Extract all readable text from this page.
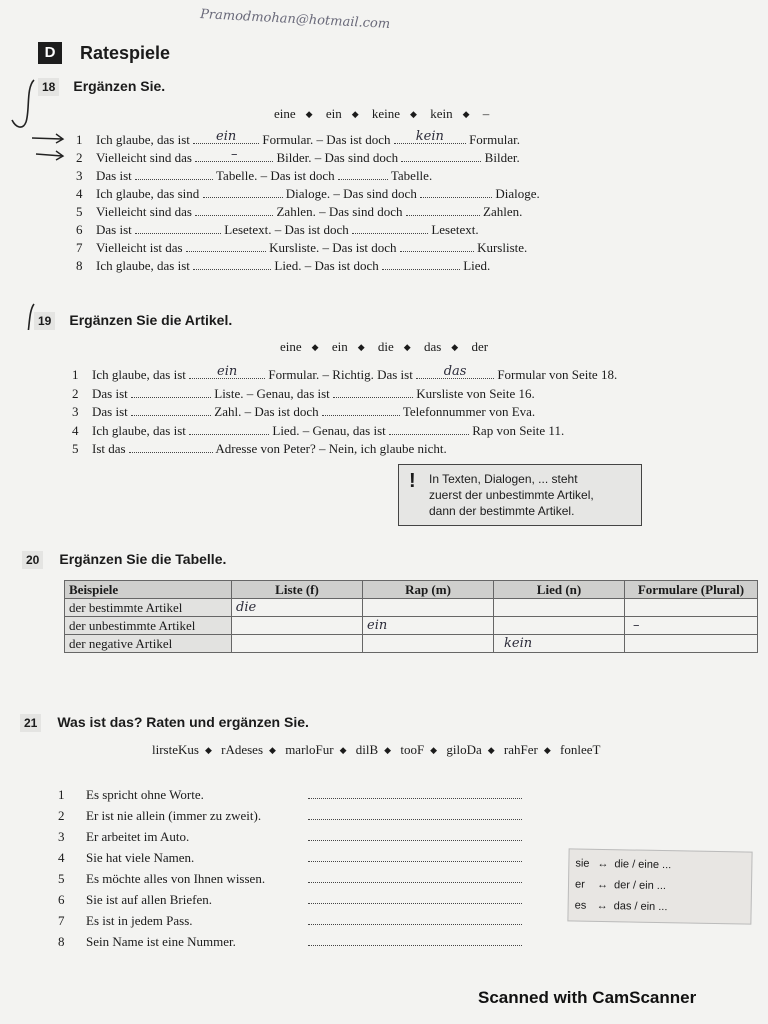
Pramodmohan@hotmail.com
D	Ratespiele
18 Ergänzen Sie.
eine ◆ ein ◆ keine ◆ kein ◆ –
1 Ich glaube, das ist	ein	Formular. – Das ist doch	kein	Formular.
2 Vielleicht sind das	–	Bilder. – Das sind doch	Bilder.
3 Das ist	Tabelle. – Das ist doch	Tabelle.
4 Ich glaube, das sind	Dialoge. – Das sind doch	Dialoge.
5 Vielleicht sind das	Zahlen. – Das sind doch	Zahlen.
6 Das ist	Lesetext. – Das ist doch	Lesetext.
7 Vielleicht ist das	Kursliste. – Das ist doch	Kursliste.
8 Ich glaube, das ist	Lied. – Das ist doch	Lied.
19 Ergänzen Sie die Artikel.
eine ◆ ein ◆ die ◆ das ◆ der
1 Ich glaube, das ist	ein	Formular. – Richtig. Das ist	das	Formular von Seite 18.
2 Das ist	Liste. – Genau, das ist	Kursliste von Seite 16.
3 Das ist	Zahl. – Das ist doch	Telefonnummer von Eva.
4 Ich glaube, das ist	Lied. – Genau, das ist	Rap von Seite 11.
5 Ist das	Adresse von Peter? – Nein, ich glaube nicht.
! In Texten, Dialogen, ... steht
zuerst der unbestimmte Artikel,
dann der bestimmte Artikel.
20 Ergänzen Sie die Tabelle.
Beispiele	Liste (f)	Rap (m)	Lied (n)	Formulare (Plural)
der bestimmte Artikel	die			
der unbestimmte Artikel		ein		–
der negative Artikel			kein	
21 Was ist das? Raten und ergänzen Sie.
lirsteKus ◆ rAdeses ◆ marloFur ◆ dilB ◆ tooF ◆ giloDa ◆ rahFer ◆ fonleeT
1 Es spricht ohne Worte.
2 Er ist nie allein (immer zu zweit).
3 Er arbeitet im Auto.
4 Sie hat viele Namen.
5 Es möchte alles von Ihnen wissen.
6 Sie ist auf allen Briefen.
7 Es ist in jedem Pass.
8 Sein Name ist eine Nummer.
sie ↔ die / eine ...
er ↔ der / ein ...
es ↔ das / ein ...
Scanned with CamScanner
